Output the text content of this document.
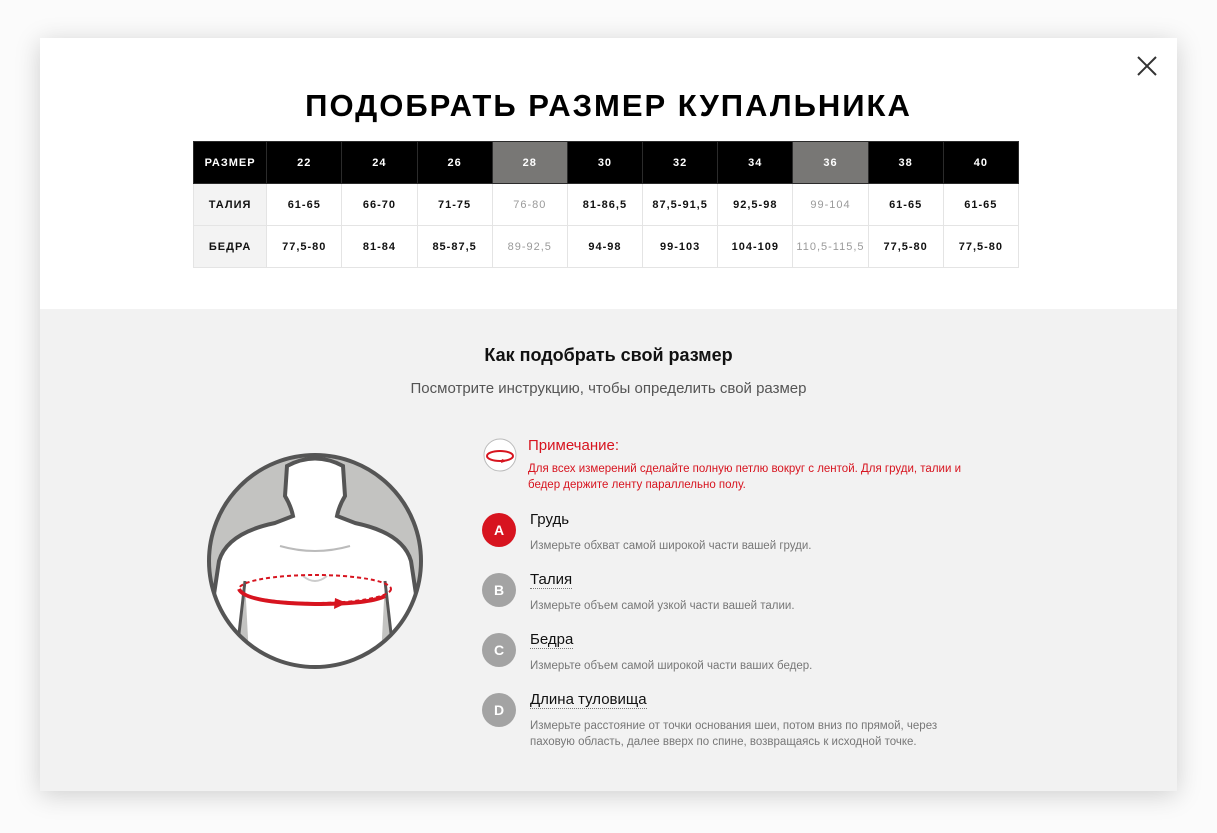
ПОДОБРАТЬ РАЗМЕР КУПАЛЬНИКА
РАЗМЕР	22	24	26	28	30	32	34	36	38	40
ТАЛИЯ	61-65	66-70	71-75	76-80	81-86,5	87,5-91,5	92,5-98	99-104	61-65	61-65
БЕДРА	77,5-80	81-84	85-87,5	89-92,5	94-98	99-103	104-109	110,5-115,5	77,5-80	77,5-80
Как подобрать свой размер
Посмотрите инструкцию, чтобы определить свой размер
Примечание:
Для всех измерений сделайте полную петлю вокруг с лентой. Для груди, талии и бедер держите ленту параллельно полу.
A
Грудь
Измерьте обхват самой широкой части вашей груди.
B
Талия
Измерьте объем самой узкой части вашей талии.
C
Бедра
Измерьте объем самой широкой части ваших бедер.
D
Длина туловища
Измерьте расстояние от точки основания шеи, потом вниз по прямой, через паховую область, далее вверх по спине, возвращаясь к исходной точке.
